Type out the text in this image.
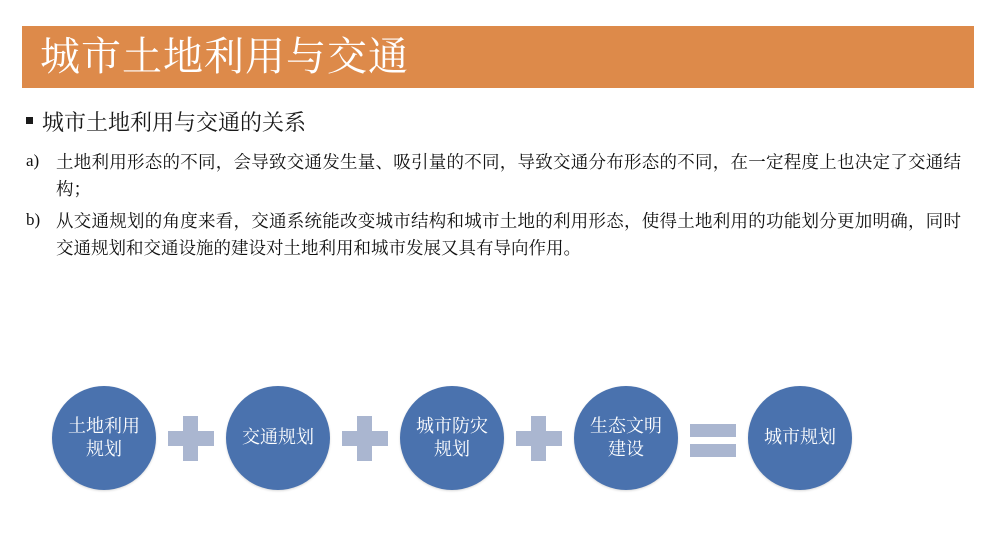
城市土地利用与交通
城市土地利用与交通的关系
a) 土地利用形态的不同，会导致交通发生量、吸引量的不同，导致交通分布形态的不同，在一定程度上也决定了交通结构；
b) 从交通规划的角度来看，交通系统能改变城市结构和城市土地的利用形态，使得土地利用的功能划分更加明确，同时交通规划和交通设施的建设对土地利用和城市发展又具有导向作用。
土地利用规划
交通规划
城市防灾规划
生态文明建设
城市规划
